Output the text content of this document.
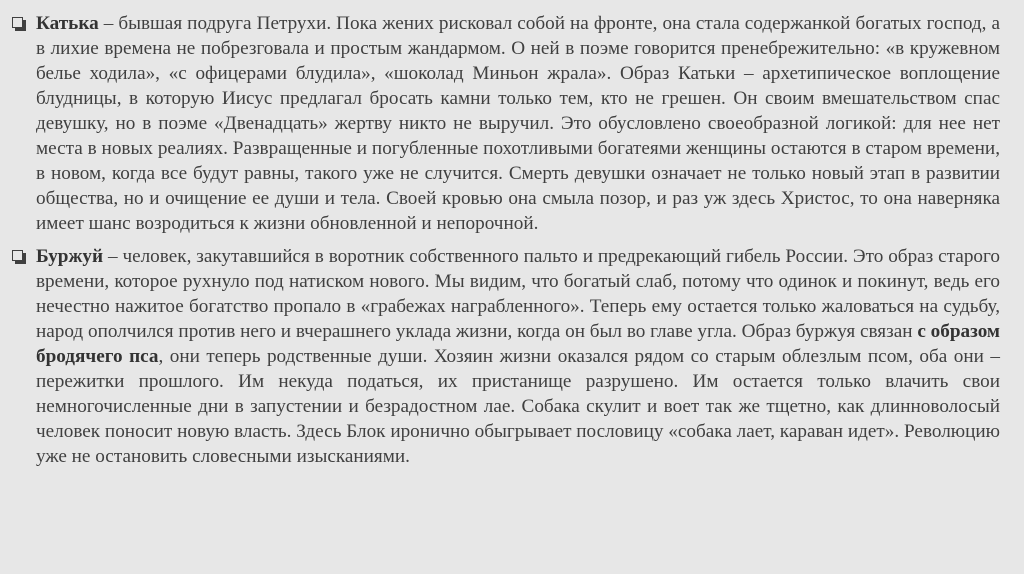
Катька – бывшая подруга Петрухи. Пока жених рисковал собой на фронте, она стала содержанкой богатых господ, а в лихие времена не побрезговала и простым жандармом. О ней в поэме говорится пренебрежительно: «в кружевном белье ходила», «с офицерами блудила», «шоколад Миньон жрала». Образ Катьки – архетипическое воплощение блудницы, в которую Иисус предлагал бросать камни только тем, кто не грешен. Он своим вмешательством спас девушку, но в поэме «Двенадцать» жертву никто не выручил. Это обусловлено своеобразной логикой: для нее нет места в новых реалиях. Развращенные и погубленные похотливыми богатеями женщины остаются в старом времени, в новом, когда все будут равны, такого уже не случится. Смерть девушки означает не только новый этап в развитии общества, но и очищение ее души и тела. Своей кровью она смыла позор, и раз уж здесь Христос, то она наверняка имеет шанс возродиться к жизни обновленной и непорочной.
Буржуй – человек, закутавшийся в воротник собственного пальто и предрекающий гибель России. Это образ старого времени, которое рухнуло под натиском нового. Мы видим, что богатый слаб, потому что одинок и покинут, ведь его нечестно нажитое богатство пропало в «грабежах награбленного». Теперь ему остается только жаловаться на судьбу, народ ополчился против него и вчерашнего уклада жизни, когда он был во главе угла. Образ буржуя связан с образом бродячего пса, они теперь родственные души. Хозяин жизни оказался рядом со старым облезлым псом, оба они – пережитки прошлого. Им некуда податься, их пристанище разрушено. Им остается только влачить свои немногочисленные дни в запустении и безрадостном лае. Собака скулит и воет так же тщетно, как длинноволосый человек поносит новую власть. Здесь Блок иронично обыгрывает пословицу «собака лает, караван идет». Революцию уже не остановить словесными изысканиями.
